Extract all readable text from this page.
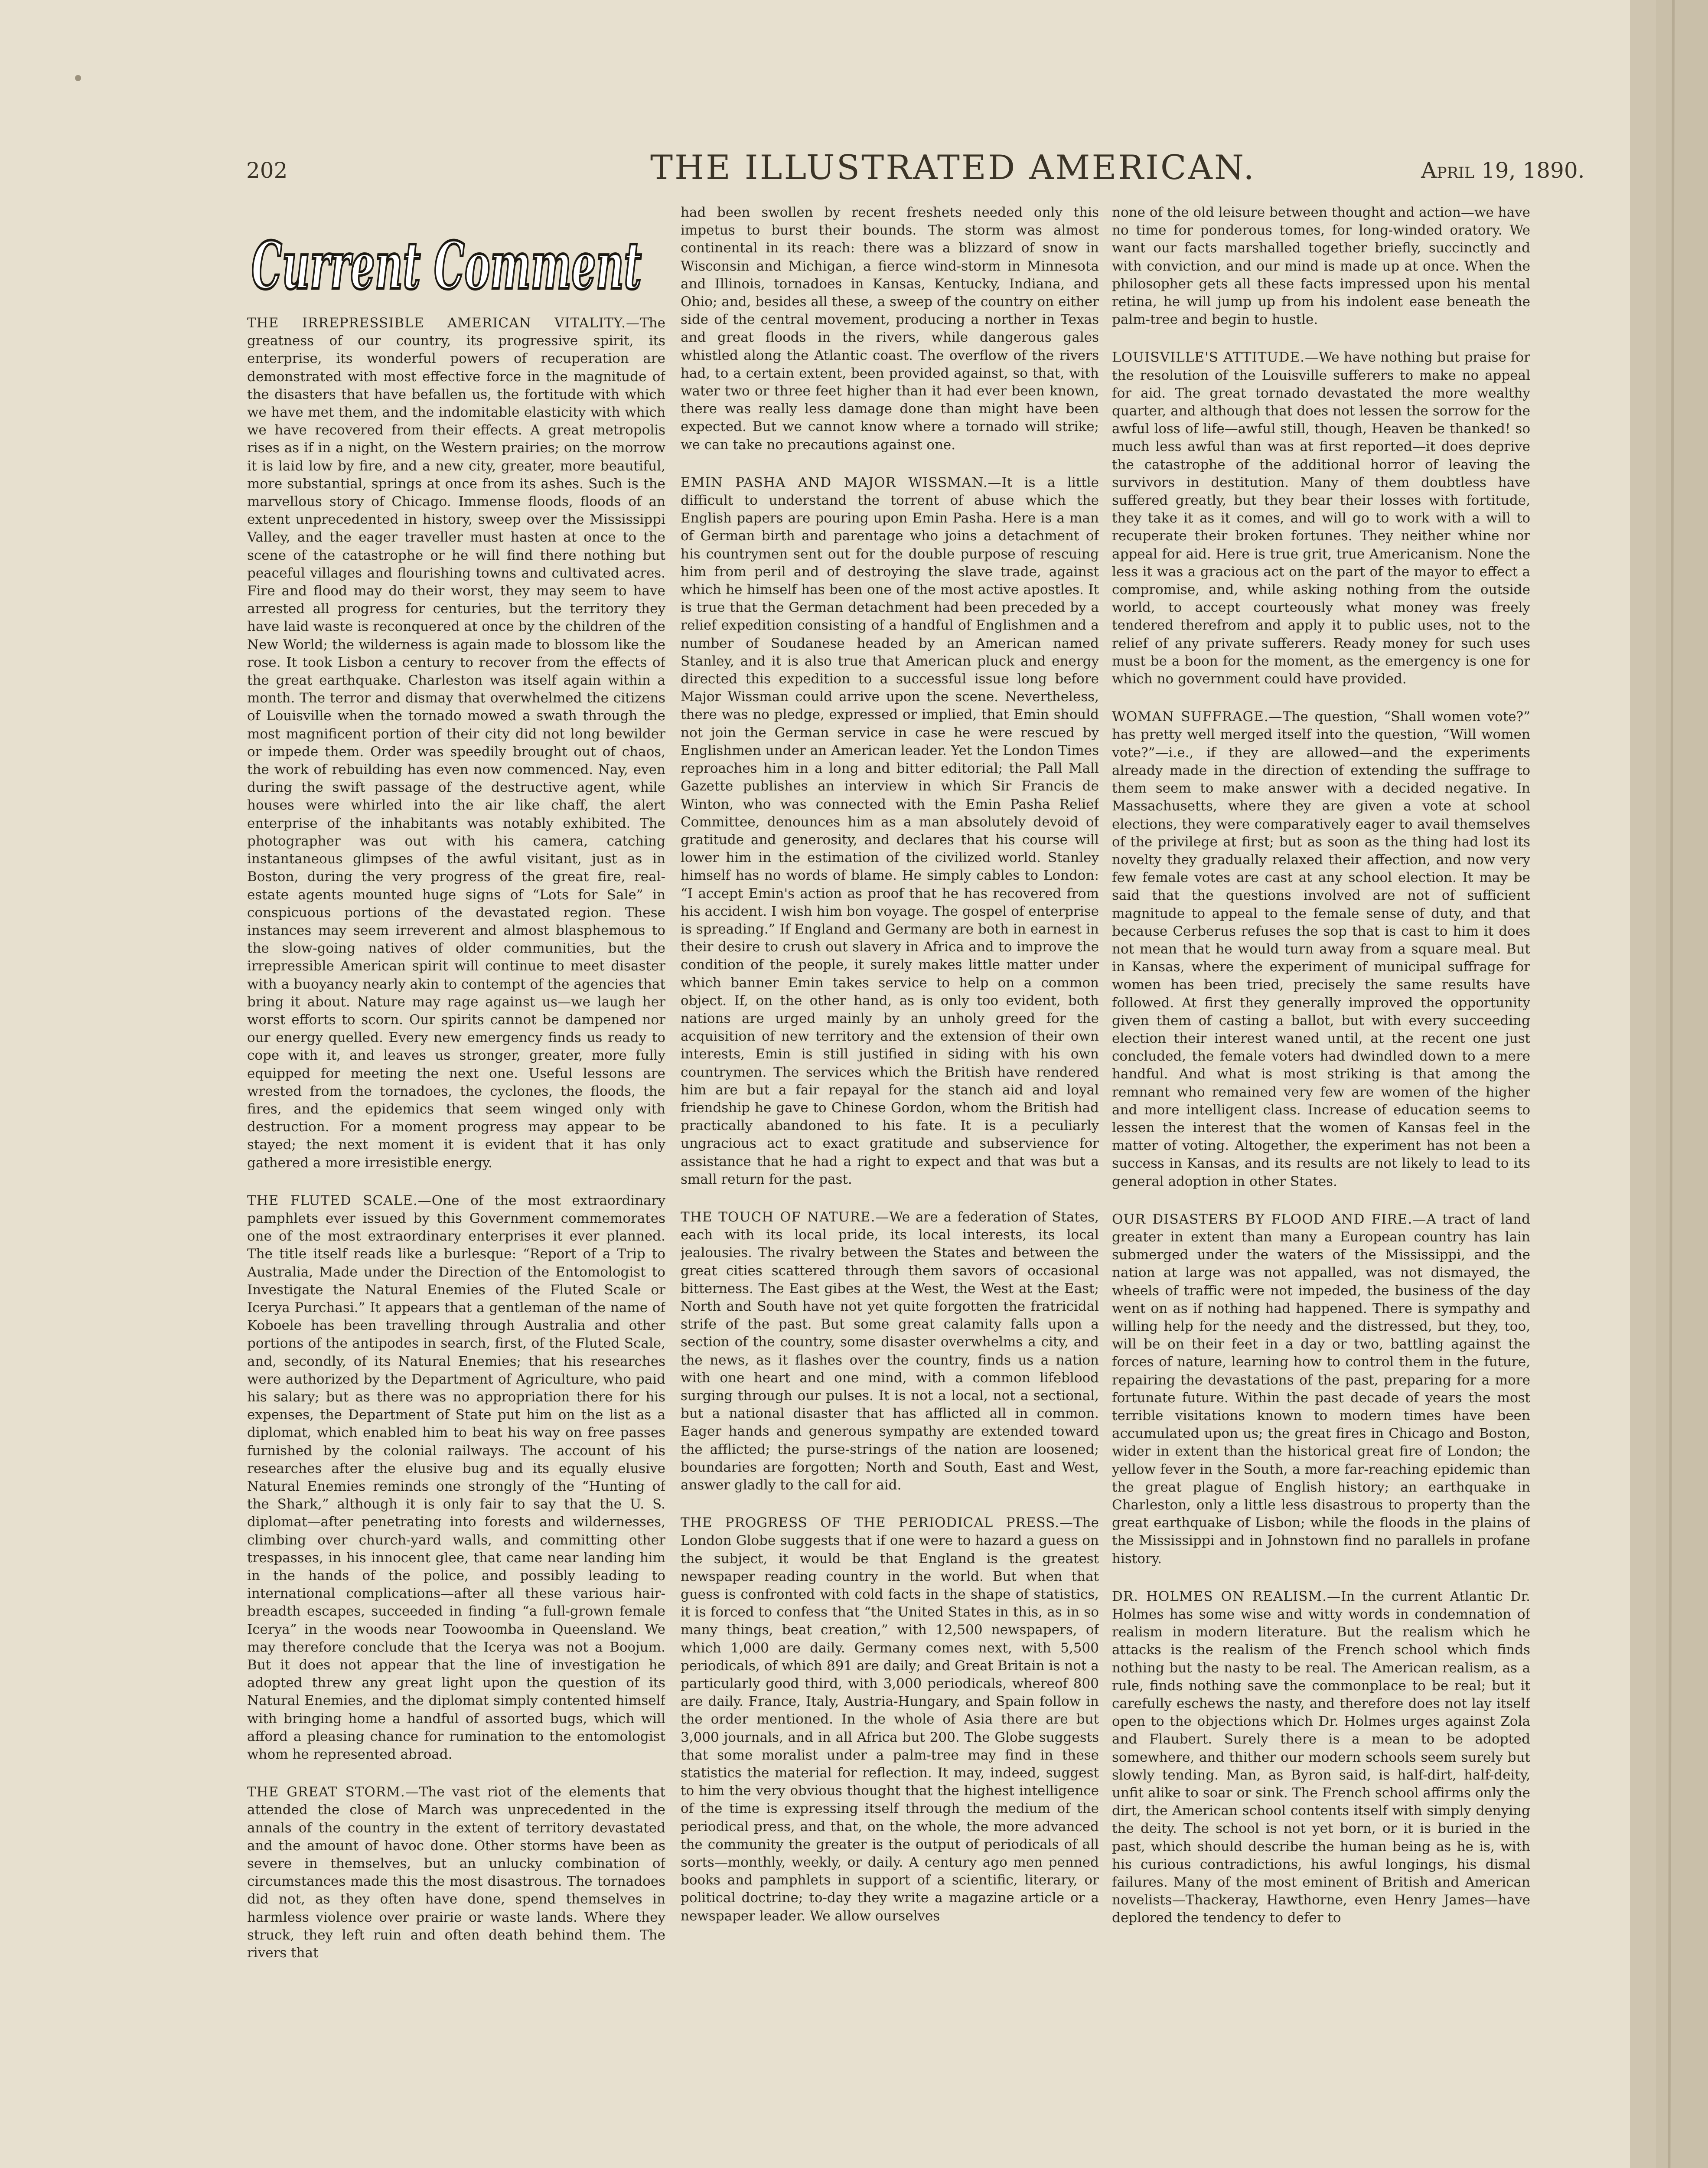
202	THE ILLUSTRATED AMERICAN.	April 19, 1890.
Current Comment

THE IRREPRESSIBLE AMERICAN VITALITY.—The greatness of our country, its progressive spirit, its enterprise, its wonderful powers of recuperation are demonstrated with most effective force in the magnitude of the disasters that have befallen us, the fortitude with which we have met them, and the indomitable elasticity with which we have recovered from their effects. A great metropolis rises as if in a night, on the Western prairies; on the morrow it is laid low by fire, and a new city, greater, more beautiful, more substantial, springs at once from its ashes. Such is the marvellous story of Chicago. Immense floods, floods of an extent unprecedented in history, sweep over the Mississippi Valley, and the eager traveller must hasten at once to the scene of the catastrophe or he will find there nothing but peaceful villages and flourishing towns and cultivated acres. Fire and flood may do their worst, they may seem to have arrested all progress for centuries, but the territory they have laid waste is reconquered at once by the children of the New World; the wilderness is again made to blossom like the rose. It took Lisbon a century to recover from the effects of the great earthquake. Charleston was itself again within a month. The terror and dismay that overwhelmed the citizens of Louisville when the tornado mowed a swath through the most magnificent portion of their city did not long bewilder or impede them. Order was speedily brought out of chaos, the work of rebuilding has even now commenced. Nay, even during the swift passage of the destructive agent, while houses were whirled into the air like chaff, the alert enterprise of the inhabitants was notably exhibited. The photographer was out with his camera, catching instantaneous glimpses of the awful visitant, just as in Boston, during the very progress of the great fire, real-estate agents mounted huge signs of “Lots for Sale” in conspicuous portions of the devastated region. These instances may seem irreverent and almost blasphemous to the slow-going natives of older communities, but the irrepressible American spirit will continue to meet disaster with a buoyancy nearly akin to contempt of the agencies that bring it about. Nature may rage against us—we laugh her worst efforts to scorn. Our spirits cannot be dampened nor our energy quelled. Every new emergency finds us ready to cope with it, and leaves us stronger, greater, more fully equipped for meeting the next one. Useful lessons are wrested from the tornadoes, the cyclones, the floods, the fires, and the epidemics that seem winged only with destruction. For a moment progress may appear to be stayed; the next moment it is evident that it has only gathered a more irresistible energy.

THE FLUTED SCALE.—One of the most extraordinary pamphlets ever issued by this Government commemorates one of the most extraordinary enterprises it ever planned. The title itself reads like a burlesque: “Report of a Trip to Australia, Made under the Direction of the Entomologist to Investigate the Natural Enemies of the Fluted Scale or Icerya Purchasi.” It appears that a gentleman of the name of Koboele has been travelling through Australia and other portions of the antipodes in search, first, of the Fluted Scale, and, secondly, of its Natural Enemies; that his researches were authorized by the Department of Agriculture, who paid his salary; but as there was no appropriation there for his expenses, the Department of State put him on the list as a diplomat, which enabled him to beat his way on free passes furnished by the colonial railways. The account of his researches after the elusive bug and its equally elusive Natural Enemies reminds one strongly of the “Hunting of the Shark,” although it is only fair to say that the U. S. diplomat—after penetrating into forests and wildernesses, climbing over church-yard walls, and committing other trespasses, in his innocent glee, that came near landing him in the hands of the police, and possibly leading to international complications—after all these various hair-breadth escapes, succeeded in finding “a full-grown female Icerya” in the woods near Toowoomba in Queensland. We may therefore conclude that the Icerya was not a Boojum. But it does not appear that the line of investigation he adopted threw any great light upon the question of its Natural Enemies, and the diplomat simply contented himself with bringing home a handful of assorted bugs, which will afford a pleasing chance for rumination to the entomologist whom he represented abroad.

THE GREAT STORM.—The vast riot of the elements that attended the close of March was unprecedented in the annals of the country in the extent of territory devastated and the amount of havoc done. Other storms have been as severe in themselves, but an unlucky combination of circumstances made this the most disastrous. The tornadoes did not, as they often have done, spend themselves in harmless violence over prairie or waste lands. Where they struck, they left ruin and often death behind them. The rivers that

had been swollen by recent freshets needed only this impetus to burst their bounds. The storm was almost continental in its reach: there was a blizzard of snow in Wisconsin and Michigan, a fierce wind-storm in Minnesota and Illinois, tornadoes in Kansas, Kentucky, Indiana, and Ohio; and, besides all these, a sweep of the country on either side of the central movement, producing a norther in Texas and great floods in the rivers, while dangerous gales whistled along the Atlantic coast. The overflow of the rivers had, to a certain extent, been provided against, so that, with water two or three feet higher than it had ever been known, there was really less damage done than might have been expected. But we cannot know where a tornado will strike; we can take no precautions against one.

EMIN PASHA AND MAJOR WISSMAN.—It is a little difficult to understand the torrent of abuse which the English papers are pouring upon Emin Pasha. Here is a man of German birth and parentage who joins a detachment of his countrymen sent out for the double purpose of rescuing him from peril and of destroying the slave trade, against which he himself has been one of the most active apostles. It is true that the German detachment had been preceded by a relief expedition consisting of a handful of Englishmen and a number of Soudanese headed by an American named Stanley, and it is also true that American pluck and energy directed this expedition to a successful issue long before Major Wissman could arrive upon the scene. Nevertheless, there was no pledge, expressed or implied, that Emin should not join the German service in case he were rescued by Englishmen under an American leader. Yet the London Times reproaches him in a long and bitter editorial; the Pall Mall Gazette publishes an interview in which Sir Francis de Winton, who was connected with the Emin Pasha Relief Committee, denounces him as a man absolutely devoid of gratitude and generosity, and declares that his course will lower him in the estimation of the civilized world. Stanley himself has no words of blame. He simply cables to London: “I accept Emin's action as proof that he has recovered from his accident. I wish him bon voyage. The gospel of enterprise is spreading.” If England and Germany are both in earnest in their desire to crush out slavery in Africa and to improve the condition of the people, it surely makes little matter under which banner Emin takes service to help on a common object. If, on the other hand, as is only too evident, both nations are urged mainly by an unholy greed for the acquisition of new territory and the extension of their own interests, Emin is still justified in siding with his own countrymen. The services which the British have rendered him are but a fair repayal for the stanch aid and loyal friendship he gave to Chinese Gordon, whom the British had practically abandoned to his fate. It is a peculiarly ungracious act to exact gratitude and subservience for assistance that he had a right to expect and that was but a small return for the past.

THE TOUCH OF NATURE.—We are a federation of States, each with its local pride, its local interests, its local jealousies. The rivalry between the States and between the great cities scattered through them savors of occasional bitterness. The East gibes at the West, the West at the East; North and South have not yet quite forgotten the fratricidal strife of the past. But some great calamity falls upon a section of the country, some disaster overwhelms a city, and the news, as it flashes over the country, finds us a nation with one heart and one mind, with a common lifeblood surging through our pulses. It is not a local, not a sectional, but a national disaster that has afflicted all in common. Eager hands and generous sympathy are extended toward the afflicted; the purse-strings of the nation are loosened; boundaries are forgotten; North and South, East and West, answer gladly to the call for aid.

THE PROGRESS OF THE PERIODICAL PRESS.—The London Globe suggests that if one were to hazard a guess on the subject, it would be that England is the greatest newspaper reading country in the world. But when that guess is confronted with cold facts in the shape of statistics, it is forced to confess that “the United States in this, as in so many things, beat creation,” with 12,500 newspapers, of which 1,000 are daily. Germany comes next, with 5,500 periodicals, of which 891 are daily; and Great Britain is not a particularly good third, with 3,000 periodicals, whereof 800 are daily. France, Italy, Austria-Hungary, and Spain follow in the order mentioned. In the whole of Asia there are but 3,000 journals, and in all Africa but 200. The Globe suggests that some moralist under a palm-tree may find in these statistics the material for reflection. It may, indeed, suggest to him the very obvious thought that the highest intelligence of the time is expressing itself through the medium of the periodical press, and that, on the whole, the more advanced the community the greater is the output of periodicals of all sorts—monthly, weekly, or daily. A century ago men penned books and pamphlets in support of a scientific, literary, or political doctrine; to-day they write a magazine article or a newspaper leader. We allow ourselves

none of the old leisure between thought and action—we have no time for ponderous tomes, for long-winded oratory. We want our facts marshalled together briefly, succinctly and with conviction, and our mind is made up at once. When the philosopher gets all these facts impressed upon his mental retina, he will jump up from his indolent ease beneath the palm-tree and begin to hustle.

LOUISVILLE'S ATTITUDE.—We have nothing but praise for the resolution of the Louisville sufferers to make no appeal for aid. The great tornado devastated the more wealthy quarter, and although that does not lessen the sorrow for the awful loss of life—awful still, though, Heaven be thanked! so much less awful than was at first reported—it does deprive the catastrophe of the additional horror of leaving the survivors in destitution. Many of them doubtless have suffered greatly, but they bear their losses with fortitude, they take it as it comes, and will go to work with a will to recuperate their broken fortunes. They neither whine nor appeal for aid. Here is true grit, true Americanism. None the less it was a gracious act on the part of the mayor to effect a compromise, and, while asking nothing from the outside world, to accept courteously what money was freely tendered therefrom and apply it to public uses, not to the relief of any private sufferers. Ready money for such uses must be a boon for the moment, as the emergency is one for which no government could have provided.

WOMAN SUFFRAGE.—The question, “Shall women vote?” has pretty well merged itself into the question, “Will women vote?”—i.e., if they are allowed—and the experiments already made in the direction of extending the suffrage to them seem to make answer with a decided negative. In Massachusetts, where they are given a vote at school elections, they were comparatively eager to avail themselves of the privilege at first; but as soon as the thing had lost its novelty they gradually relaxed their affection, and now very few female votes are cast at any school election. It may be said that the questions involved are not of sufficient magnitude to appeal to the female sense of duty, and that because Cerberus refuses the sop that is cast to him it does not mean that he would turn away from a square meal. But in Kansas, where the experiment of municipal suffrage for women has been tried, precisely the same results have followed. At first they generally improved the opportunity given them of casting a ballot, but with every succeeding election their interest waned until, at the recent one just concluded, the female voters had dwindled down to a mere handful. And what is most striking is that among the remnant who remained very few are women of the higher and more intelligent class. Increase of education seems to lessen the interest that the women of Kansas feel in the matter of voting. Altogether, the experiment has not been a success in Kansas, and its results are not likely to lead to its general adoption in other States.

OUR DISASTERS BY FLOOD AND FIRE.—A tract of land greater in extent than many a European country has lain submerged under the waters of the Mississippi, and the nation at large was not appalled, was not dismayed, the wheels of traffic were not impeded, the business of the day went on as if nothing had happened. There is sympathy and willing help for the needy and the distressed, but they, too, will be on their feet in a day or two, battling against the forces of nature, learning how to control them in the future, repairing the devastations of the past, preparing for a more fortunate future. Within the past decade of years the most terrible visitations known to modern times have been accumulated upon us; the great fires in Chicago and Boston, wider in extent than the historical great fire of London; the yellow fever in the South, a more far-reaching epidemic than the great plague of English history; an earthquake in Charleston, only a little less disastrous to property than the great earthquake of Lisbon; while the floods in the plains of the Mississippi and in Johnstown find no parallels in profane history.

DR. HOLMES ON REALISM.—In the current Atlantic Dr. Holmes has some wise and witty words in condemnation of realism in modern literature. But the realism which he attacks is the realism of the French school which finds nothing but the nasty to be real. The American realism, as a rule, finds nothing save the commonplace to be real; but it carefully eschews the nasty, and therefore does not lay itself open to the objections which Dr. Holmes urges against Zola and Flaubert. Surely there is a mean to be adopted somewhere, and thither our modern schools seem surely but slowly tending. Man, as Byron said, is half-dirt, half-deity, unfit alike to soar or sink. The French school affirms only the dirt, the American school contents itself with simply denying the deity. The school is not yet born, or it is buried in the past, which should describe the human being as he is, with his curious contradictions, his awful longings, his dismal failures. Many of the most eminent of British and American novelists—Thackeray, Hawthorne, even Henry James—have deplored the tendency to defer to
